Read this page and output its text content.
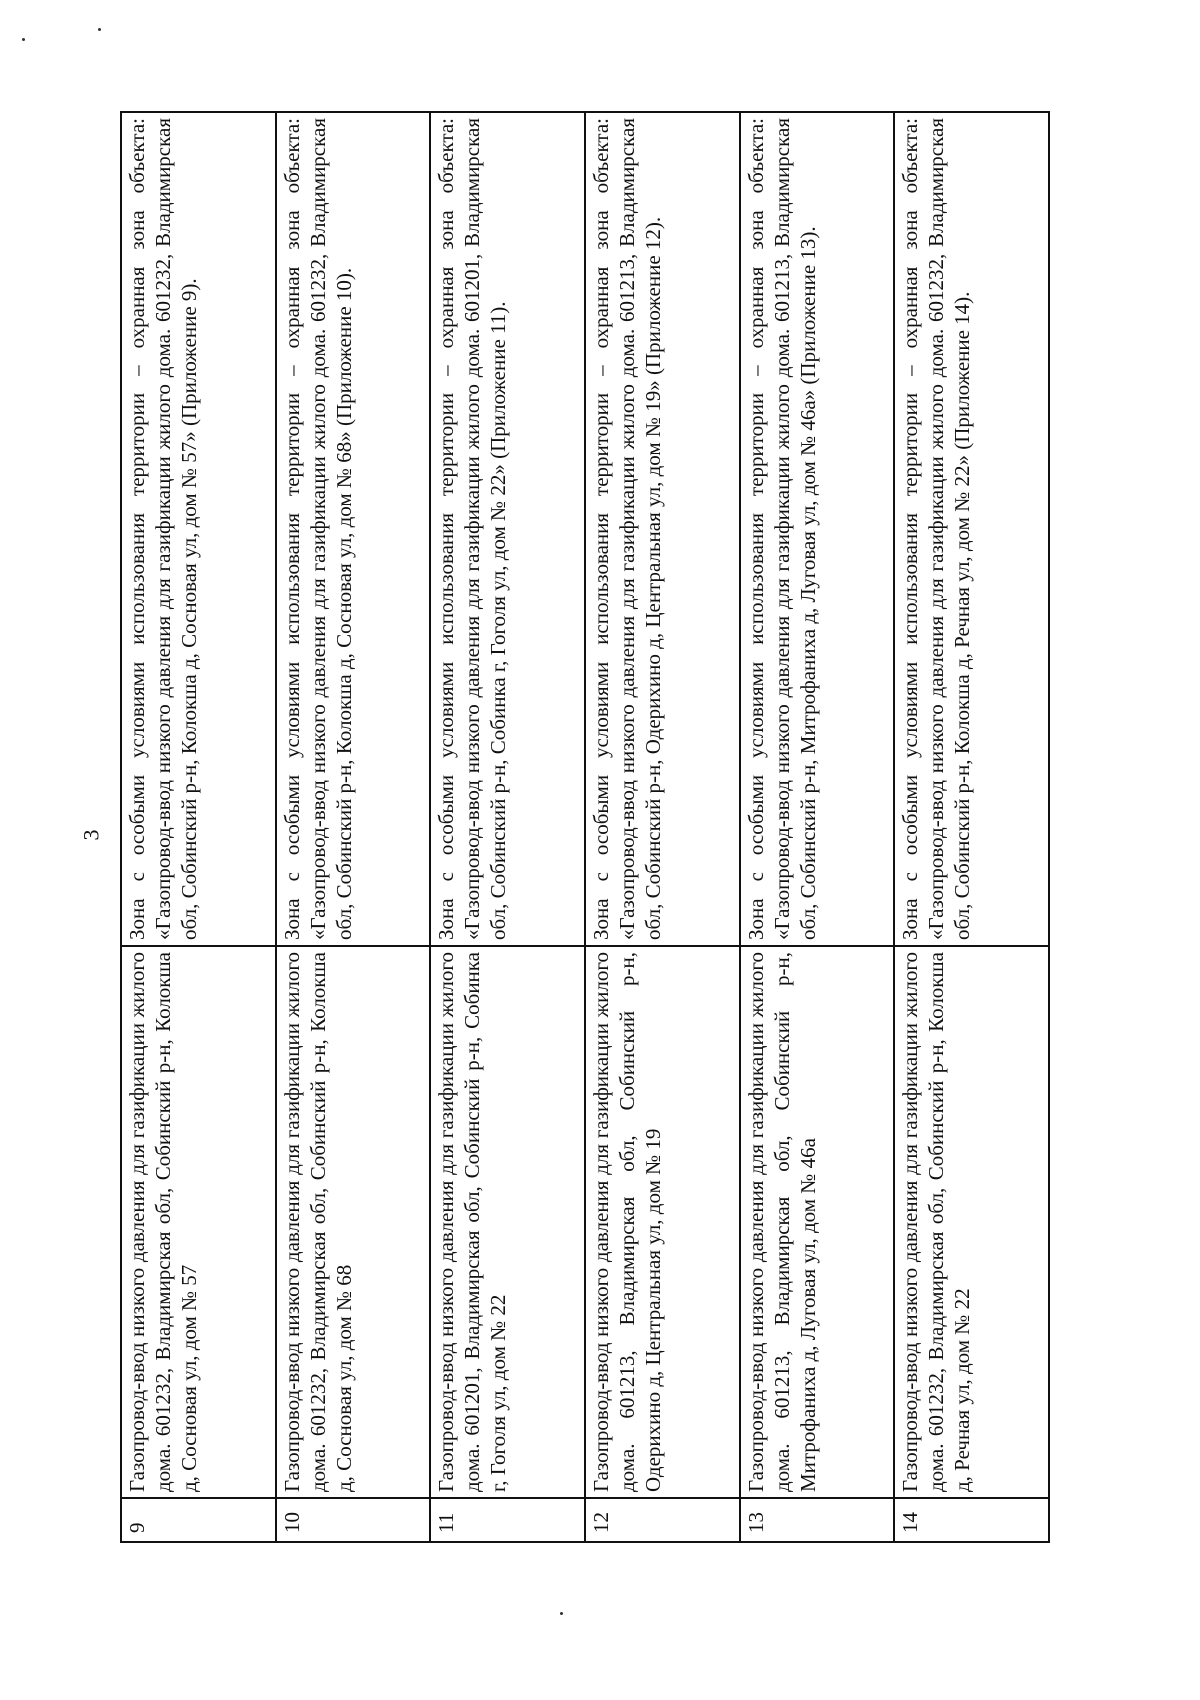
3
9	Газопровод-ввод низкого давления для газификации жилого дома. 601232, Владимирская обл, Собинский р-н, Колокша д, Сосновая ул, дом № 57	Зона с особыми условиями использования территории – охранная зона объекта: «Газопровод-ввод низкого давления для газификации жилого дома. 601232, Владимирская обл, Собинский р-н, Колокша д, Сосновая ул, дом № 57» (Приложение 9).
10	Газопровод-ввод низкого давления для газификации жилого дома. 601232, Владимирская обл, Собинский р-н, Колокша д, Сосновая ул, дом № 68	Зона с особыми условиями использования территории – охранная зона объекта: «Газопровод-ввод низкого давления для газификации жилого дома. 601232, Владимирская обл, Собинский р-н, Колокша д, Сосновая ул, дом № 68» (Приложение 10).
11	Газопровод-ввод низкого давления для газификации жилого дома. 601201, Владимирская обл, Собинский р-н, Собинка г, Гоголя ул, дом № 22	Зона с особыми условиями использования территории – охранная зона объекта: «Газопровод-ввод низкого давления для газификации жилого дома. 601201, Владимирская обл, Собинский р-н, Собинка г, Гоголя ул, дом № 22» (Приложение 11).
12	Газопровод-ввод низкого давления для газификации жилого дома. 601213, Владимирская обл, Собинский р-н, Одерихино д, Центральная ул, дом № 19	Зона с особыми условиями использования территории – охранная зона объекта: «Газопровод-ввод низкого давления для газификации жилого дома. 601213, Владимирская обл, Собинский р-н, Одерихино д, Центральная ул, дом № 19» (Приложение 12).
13	Газопровод-ввод низкого давления для газификации жилого дома. 601213, Владимирская обл, Собинский р-н, Митрофаниха д, Луговая ул, дом № 46а	Зона с особыми условиями использования территории – охранная зона объекта: «Газопровод-ввод низкого давления для газификации жилого дома. 601213, Владимирская обл, Собинский р-н, Митрофаниха д, Луговая ул, дом № 46а» (Приложение 13).
14	Газопровод-ввод низкого давления для газификации жилого дома. 601232, Владимирская обл, Собинский р-н, Колокша д, Речная ул, дом № 22	Зона с особыми условиями использования территории – охранная зона объекта: «Газопровод-ввод низкого давления для газификации жилого дома. 601232, Владимирская обл, Собинский р-н, Колокша д, Речная ул, дом № 22» (Приложение 14).
